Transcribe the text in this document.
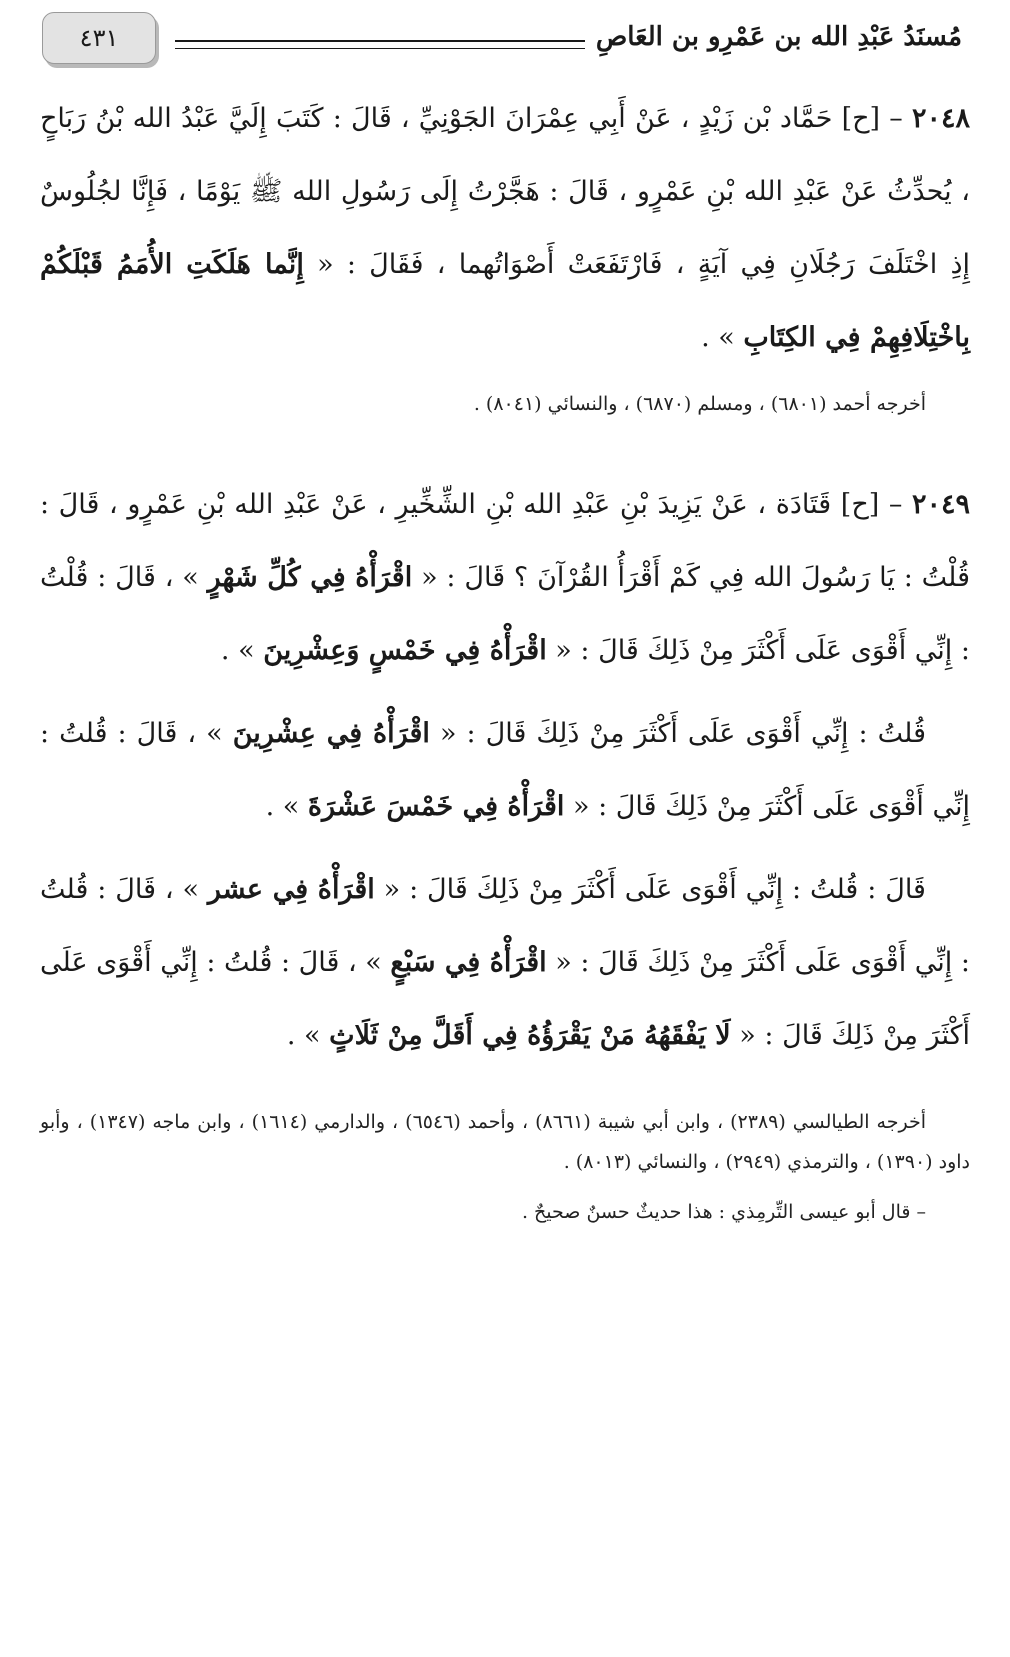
مُسنَدُ عَبْدِ الله بن عَمْرِو بن العَاصِ
٤٣١

٢٠٤٨ – [ح] حَمَّاد بْن زَيْدٍ ، عَنْ أَبِي عِمْرَانَ الجَوْنِيِّ ، قَالَ : كَتَبَ إِلَيَّ عَبْدُ الله بْنُ رَبَاحٍ ، يُحدِّثُ عَنْ عَبْدِ الله بْنِ عَمْرٍو ، قَالَ : هَجَّرْتُ إِلَى رَسُولِ الله ﷺ يَوْمًا ، فَإِنَّا لجُلُوسٌ إِذِ اخْتَلَفَ رَجُلَانِ فِي آيَةٍ ، فَارْتَفَعَتْ أَصْوَاتُهما ، فَقَالَ : « إِنَّما هَلَكَتِ الأُمَمُ قَبْلَكُمْ بِاخْتِلَافِهِمْ فِي الكِتَابِ » .

أخرجه أحمد (٦٨٠١) ، ومسلم (٦٨٧٠) ، والنسائي (٨٠٤١) .

٢٠٤٩ – [ح] قَتَادَة ، عَنْ يَزِيدَ بْنِ عَبْدِ الله بْنِ الشِّخِّيرِ ، عَنْ عَبْدِ الله بْنِ عَمْرٍو ، قَالَ : قُلْتُ : يَا رَسُولَ الله فِي كَمْ أَقْرَأُ القُرْآنَ ؟ قَالَ : « اقْرَأْهُ فِي كُلِّ شَهْرٍ » ، قَالَ : قُلْتُ : إِنِّي أَقْوَى عَلَى أَكْثَرَ مِنْ ذَلِكَ قَالَ : « اقْرَأْهُ فِي خَمْسٍ وَعِشْرِينَ » .

قُلتُ : إِنِّي أَقْوَى عَلَى أَكْثَرَ مِنْ ذَلِكَ قَالَ : « اقْرَأْهُ فِي عِشْرِينَ » ، قَالَ : قُلتُ : إِنِّي أَقْوَى عَلَى أَكْثَرَ مِنْ ذَلِكَ قَالَ : « اقْرَأْهُ فِي خَمْسَ عَشْرَةَ » .

قَالَ : قُلتُ : إِنِّي أَقْوَى عَلَى أَكْثَرَ مِنْ ذَلِكَ قَالَ : « اقْرَأْهُ فِي عشر » ، قَالَ : قُلتُ : إِنِّي أَقْوَى عَلَى أَكْثَرَ مِنْ ذَلِكَ قَالَ : « اقْرَأْهُ فِي سَبْعٍ » ، قَالَ : قُلتُ : إِنِّي أَقْوَى عَلَى أَكْثَرَ مِنْ ذَلِكَ قَالَ : « لَا يَفْقَهُهُ مَنْ يَقْرَؤُهُ فِي أَقَلَّ مِنْ ثَلَاثٍ » .

أخرجه الطيالسي (٢٣٨٩) ، وابن أبي شيبة (٨٦٦١) ، وأحمد (٦٥٤٦) ، والدارمي (١٦١٤) ، وابن ماجه (١٣٤٧) ، وأبو داود (١٣٩٠) ، والترمذي (٢٩٤٩) ، والنسائي (٨٠١٣) .

– قال أبو عيسى التِّرمِذي : هذا حديثٌ حسنٌ صحيحٌ .
